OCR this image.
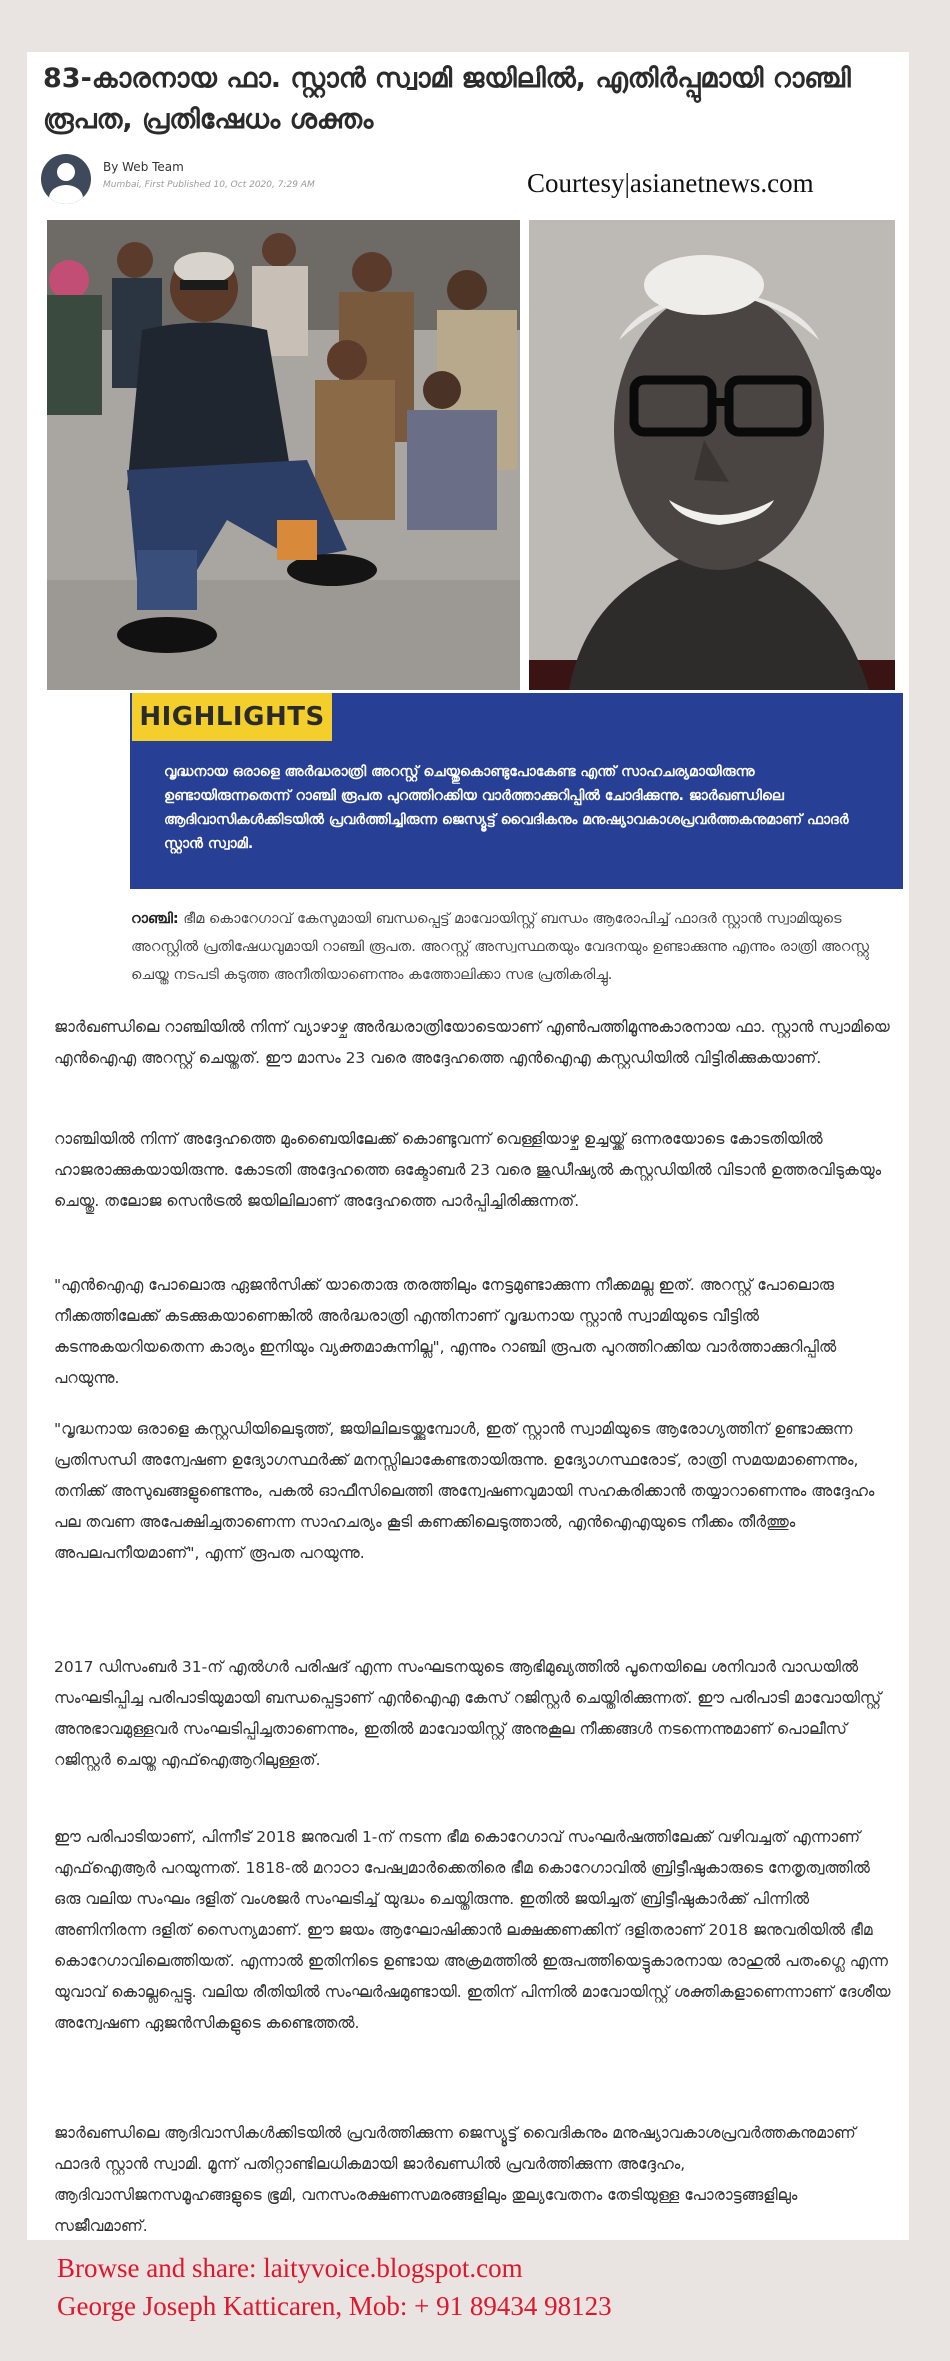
83-കാരനായ ഫാ. സ്റ്റാൻ സ്വാമി ജയിലിൽ, എതിർപ്പുമായി റാഞ്ചി രൂപത, പ്രതിഷേധം ശക്തം
By Web Team
Mumbai, First Published 10, Oct 2020, 7:29 AM	Courtesy|asianetnews.com
HIGHLIGHTS

വൃദ്ധനായ ഒരാളെ അർദ്ധരാത്രി അറസ്റ്റ് ചെയ്തുകൊണ്ടുപോകേണ്ട എന്ത് സാഹചര്യമായിരുന്നു ഉണ്ടായിരുന്നതെന്ന് റാഞ്ചി രൂപത പുറത്തിറക്കിയ വാർത്താക്കുറിപ്പിൽ ചോദിക്കുന്നു. ജാർഖണ്ഡിലെ ആദിവാസികൾക്കിടയിൽ പ്രവർത്തിച്ചിരുന്ന ജെസ്യൂട്ട് വൈദികനും മനുഷ്യാവകാശപ്രവർത്തകനുമാണ് ഫാദർ സ്റ്റാൻ സ്വാമി.

റാഞ്ചി: ഭീമ കൊറേഗാവ് കേസുമായി ബന്ധപ്പെട്ട് മാവോയിസ്റ്റ് ബന്ധം ആരോപിച്ച് ഫാദർ സ്റ്റാൻ സ്വാമിയുടെ അറസ്റ്റിൽ പ്രതിഷേധവുമായി റാഞ്ചി രൂപത. അറസ്റ്റ് അസ്വസ്ഥതയും വേദനയും ഉണ്ടാക്കുന്നു എന്നും രാത്രി അറസ്റ്റു ചെയ്ത നടപടി കടുത്ത അനീതിയാണെന്നും കത്തോലിക്കാ സഭ പ്രതികരിച്ചു.

ജാർഖണ്ഡിലെ റാഞ്ചിയിൽ നിന്ന് വ്യാഴാഴ്ച അർദ്ധരാത്രിയോടെയാണ് എൺപത്തിമൂന്നുകാരനായ ഫാ. സ്റ്റാൻ സ്വാമിയെ എൻഐഎ അറസ്റ്റ് ചെയ്തത്. ഈ മാസം 23 വരെ അദ്ദേഹത്തെ എൻഐഎ കസ്റ്റഡിയിൽ വിട്ടിരിക്കുകയാണ്.

റാഞ്ചിയിൽ നിന്ന് അദ്ദേഹത്തെ മുംബൈയിലേക്ക് കൊണ്ടുവന്ന് വെള്ളിയാഴ്ച ഉച്ചയ്ക്ക് ഒന്നരയോടെ കോടതിയിൽ ഹാജരാക്കുകയായിരുന്നു. കോടതി അദ്ദേഹത്തെ ഒക്ടോബർ 23 വരെ ജുഡീഷ്യൽ കസ്റ്റഡിയിൽ വിടാൻ ഉത്തരവിടുകയും ചെയ്തു. തലോജ സെൻട്രൽ ജയിലിലാണ് അദ്ദേഹത്തെ പാർപ്പിച്ചിരിക്കുന്നത്.

"എൻഐഎ പോലൊരു ഏജൻസിക്ക് യാതൊരു തരത്തിലും നേട്ടമുണ്ടാക്കുന്ന നീക്കമല്ല ഇത്. അറസ്റ്റ് പോലൊരു നീക്കത്തിലേക്ക് കടക്കുകയാണെങ്കിൽ അർദ്ധരാത്രി എന്തിനാണ് വൃദ്ധനായ സ്റ്റാൻ സ്വാമിയുടെ വീട്ടിൽ കടന്നുകയറിയതെന്ന കാര്യം ഇനിയും വ്യക്തമാകുന്നില്ല", എന്നും റാഞ്ചി രൂപത പുറത്തിറക്കിയ വാർത്താക്കുറിപ്പിൽ പറയുന്നു.

"വൃദ്ധനായ ഒരാളെ കസ്റ്റഡിയിലെടുത്ത്, ജയിലിലടയ്ക്കുമ്പോൾ, ഇത് സ്റ്റാൻ സ്വാമിയുടെ ആരോഗ്യത്തിന് ഉണ്ടാക്കുന്ന പ്രതിസന്ധി അന്വേഷണ ഉദ്യോഗസ്ഥർക്ക് മനസ്സിലാകേണ്ടതായിരുന്നു. ഉദ്യോഗസ്ഥരോട്, രാത്രി സമയമാണെന്നും, തനിക്ക് അസുഖങ്ങളുണ്ടെന്നും, പകൽ ഓഫീസിലെത്തി അന്വേഷണവുമായി സഹകരിക്കാൻ തയ്യാറാണെന്നും അദ്ദേഹം പല തവണ അപേക്ഷിച്ചതാണെന്ന സാഹചര്യം കൂടി കണക്കിലെടുത്താൽ, എൻഐഎയുടെ നീക്കം തീർത്തും അപലപനീയമാണ്", എന്ന് രൂപത പറയുന്നു.

2017 ഡിസംബർ 31-ന് എൽഗർ പരിഷദ് എന്ന സംഘടനയുടെ ആഭിമുഖ്യത്തിൽ പൂനെയിലെ ശനിവാർ വാഡയിൽ സംഘടിപ്പിച്ച പരിപാടിയുമായി ബന്ധപ്പെട്ടാണ് എൻഐഎ കേസ് റജിസ്റ്റർ ചെയ്തിരിക്കുന്നത്. ഈ പരിപാടി മാവോയിസ്റ്റ് അനുഭാവമുള്ളവർ സംഘടിപ്പിച്ചതാണെന്നും, ഇതിൽ മാവോയിസ്റ്റ് അനുകൂല നീക്കങ്ങൾ നടന്നെന്നുമാണ് പൊലീസ് റജിസ്റ്റർ ചെയ്ത എഫ്ഐആറിലുള്ളത്.

ഈ പരിപാടിയാണ്, പിന്നീട് 2018 ജനുവരി 1-ന് നടന്ന ഭീമ കൊറേഗാവ് സംഘർഷത്തിലേക്ക് വഴിവച്ചത് എന്നാണ് എഫ്ഐആർ പറയുന്നത്. 1818-ൽ മറാഠാ പേഷ്വമാർക്കെതിരെ ഭീമ കൊറേഗാവിൽ ബ്രിട്ടീഷുകാരുടെ നേതൃത്വത്തിൽ ഒരു വലിയ സംഘം ദളിത് വംശജർ സംഘടിച്ച് യുദ്ധം ചെയ്തിരുന്നു. ഇതിൽ ജയിച്ചത് ബ്രിട്ടീഷുകാർക്ക് പിന്നിൽ അണിനിരന്ന ദളിത് സൈന്യമാണ്. ഈ ജയം ആഘോഷിക്കാൻ ലക്ഷക്കണക്കിന് ദളിതരാണ് 2018 ജനുവരിയിൽ ഭീമ കൊറേഗാവിലെത്തിയത്. എന്നാൽ ഇതിനിടെ ഉണ്ടായ അക്രമത്തിൽ ഇരുപത്തിയെട്ടുകാരനായ രാഹുൽ പതംഗ്ലെ എന്ന യുവാവ് കൊല്ലപ്പെട്ടു. വലിയ രീതിയിൽ സംഘർഷമുണ്ടായി. ഇതിന് പിന്നിൽ മാവോയിസ്റ്റ് ശക്തികളാണെന്നാണ് ദേശീയ അന്വേഷണ ഏജൻസികളുടെ കണ്ടെത്തൽ.

ജാർഖണ്ഡിലെ ആദിവാസികൾക്കിടയിൽ പ്രവർത്തിക്കുന്ന ജെസ്യൂട്ട് വൈദികനും മനുഷ്യാവകാശപ്രവർത്തകനുമാണ് ഫാദർ സ്റ്റാൻ സ്വാമി. മൂന്ന് പതിറ്റാണ്ടിലധികമായി ജാർഖണ്ഡിൽ പ്രവർത്തിക്കുന്ന അദ്ദേഹം, ആദിവാസിജനസമൂഹങ്ങളുടെ ഭൂമി, വനസംരക്ഷണസമരങ്ങളിലും തുല്യവേതനം തേടിയുള്ള പോരാട്ടങ്ങളിലും സജീവമാണ്.

Browse and share: laityvoice.blogspot.com
George Joseph Katticaren, Mob: + 91 89434 98123
